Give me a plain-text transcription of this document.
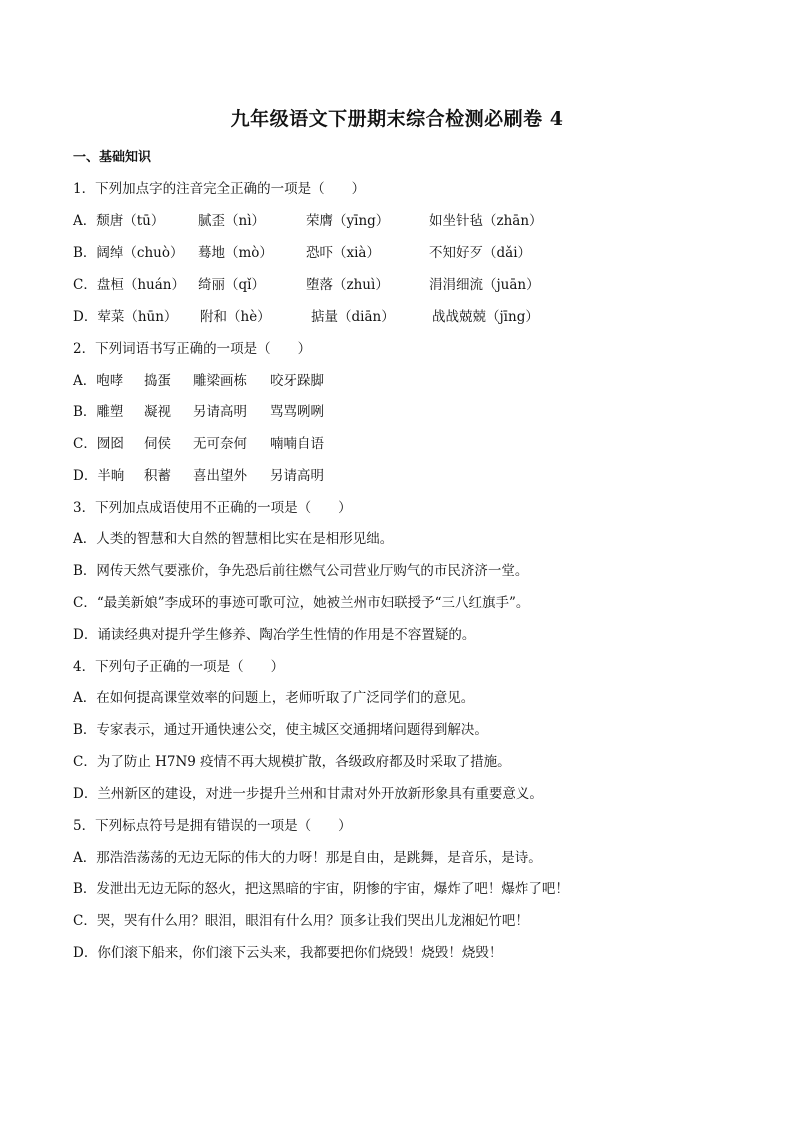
九年级语文下册期末综合检测必刷卷 4
一、基础知识
1．下列加点字的注音完全正确的一项是（　　）
A．颓唐（tū） 腻歪（nì）	荣膺（yīng）	如坐针毡（zhān）
B．阔绰（chuò） 蓦地（mò） 恐吓（xià）	不知好歹（dǎi）
C．盘桓（huán） 绮丽（qǐ）	堕落（zhuì）	涓涓细流（juān）
D．荤菜（hūn） 附和（hè）	掂量（diān）	战战兢兢（jīng）
2．下列词语书写正确的一项是（　　）
A．咆哮 捣蛋 雕梁画栋 咬牙跺脚
B．雕塑 凝视 另请高明 骂骂咧咧
C．囫囵 伺侯 无可奈何 喃喃自语
D．半晌 积蓄 喜出望外 另请高明
3．下列加点成语使用不正确的一项是（　　）
A．人类的智慧和大自然的智慧相比实在是相形见绌。
B．网传天然气要涨价，争先恐后前往燃气公司营业厅购气的市民济济一堂。
C．“最美新娘”李成环的事迹可歌可泣，她被兰州市妇联授予“三八红旗手”。
D．诵读经典对提升学生修养、陶冶学生性情的作用是不容置疑的。
4．下列句子正确的一项是（　　）
A．在如何提高课堂效率的问题上，老师听取了广泛同学们的意见。
B．专家表示，通过开通快速公交，使主城区交通拥堵问题得到解决。
C．为了防止 H7N9 疫情不再大规模扩散，各级政府都及时采取了措施。
D．兰州新区的建设，对进一步提升兰州和甘肃对外开放新形象具有重要意义。
5．下列标点符号是拥有错误的一项是（　　）
A．那浩浩荡荡的无边无际的伟大的力呀！那是自由，是跳舞，是音乐，是诗。
B．发泄出无边无际的怒火，把这黑暗的宇宙，阴惨的宇宙，爆炸了吧！爆炸了吧！
C．哭，哭有什么用？眼泪，眼泪有什么用？顶多让我们哭出儿龙湘妃竹吧！
D．你们滚下船来，你们滚下云头来，我都要把你们烧毁！烧毁！烧毁！
